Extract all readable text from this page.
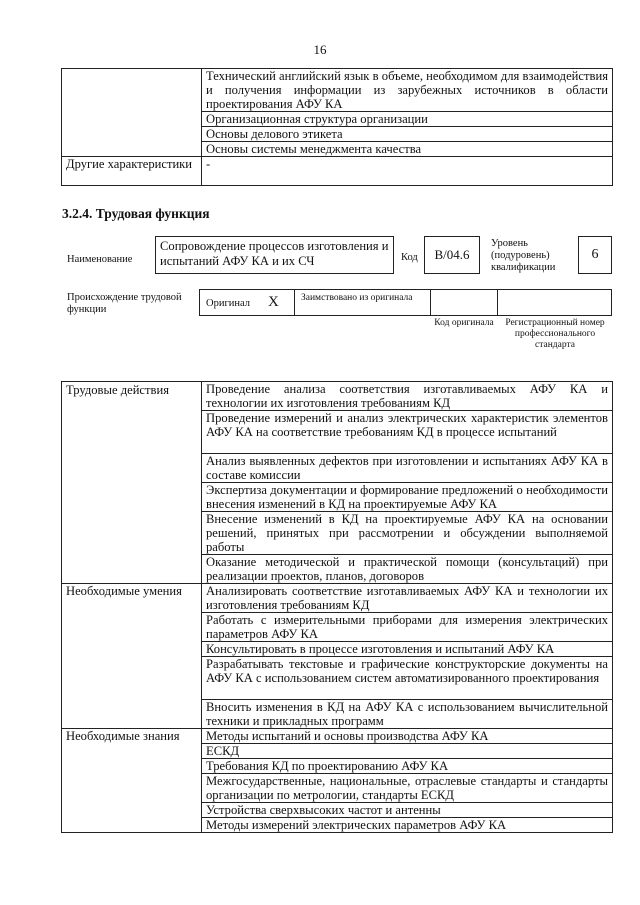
16
	Технический английский язык в объеме, необходимом для взаимодействия и получения информации из зарубежных источников в области проектирования АФУ КА
	Организационная структура организации
	Основы делового этикета
	Основы системы менеджмента качества
Другие характеристики	-
3.2.4. Трудовая функция
Наименование
Сопровождение процессов изготовления и испытаний АФУ КА и их СЧ	Код В/04.6
Уровень (подуровень) квалификации
6
Происхождение трудовой функции
Оригинал X Заимствовано из оригинала
Код оригинала	Регистрационный номер профессионального стандарта
Трудовые действия	Проведение анализа соответствия изготавливаемых АФУ КА и технологии их изготовления требованиям КД
	Проведение измерений и анализ электрических характеристик элементов АФУ КА на соответствие требованиям КД в процессе испытаний
	Анализ выявленных дефектов при изготовлении и испытаниях АФУ КА в составе комиссии
	Экспертиза документации и формирование предложений о необходимости внесения изменений в КД на проектируемые АФУ КА
	Внесение изменений в КД на проектируемые АФУ КА на основании решений, принятых при рассмотрении и обсуждении выполняемой работы
	Оказание методической и практической помощи (консультаций) при реализации проектов, планов, договоров
Необходимые умения	Анализировать соответствие изготавливаемых АФУ КА и технологии их изготовления требованиям КД
	Работать с измерительными приборами для измерения электрических параметров АФУ КА
	Консультировать в процессе изготовления и испытаний АФУ КА
	Разрабатывать текстовые и графические конструкторские документы на АФУ КА с использованием систем автоматизированного проектирования
	Вносить изменения в КД на АФУ КА с использованием вычислительной техники и прикладных программ
Необходимые знания	Методы испытаний и основы производства АФУ КА
	ЕСКД
	Требования КД по проектированию АФУ КА
	Межгосударственные, национальные, отраслевые стандарты и стандарты организации по метрологии, стандарты ЕСКД
	Устройства сверхвысоких частот и антенны
	Методы измерений электрических параметров АФУ КА
